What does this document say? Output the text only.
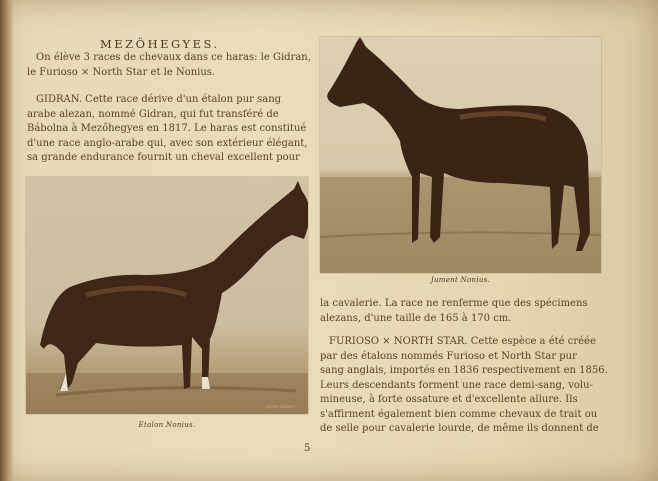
MEZÖHEGYES.
On élève 3 races de chevaux dans ce haras: le Gidran,
le Furioso × North Star et le Nonius.
GIDRAN. Cette race dérive d'un étalon pur sang
arabe alezan, nommé Gidran, qui fut transféré de
Bábolna à Mezőhegyes en 1817. Le haras est constitué
d'une race anglo-arabe qui, avec son extérieur élégant,
sa grande endurance fournit un cheval excellent pour
photo Kélner
Etalon Nonius.
Jument Nonius.
la cavalerie. La race ne renferme que des spécimens
alezans, d'une taille de 165 à 170 cm.
FURIOSO × NORTH STAR. Cette espèce a été créée
par des étalons nommés Furioso et North Star pur
sang anglais, importés en 1836 respectivement en 1856.
Leurs descendants forment une race demi-sang, volu-
mineuse, à forte ossature et d'excellente allure. Ils
s'affirment également bien comme chevaux de trait ou
de selle pour cavalerie lourde, de même ils donnent de
5
